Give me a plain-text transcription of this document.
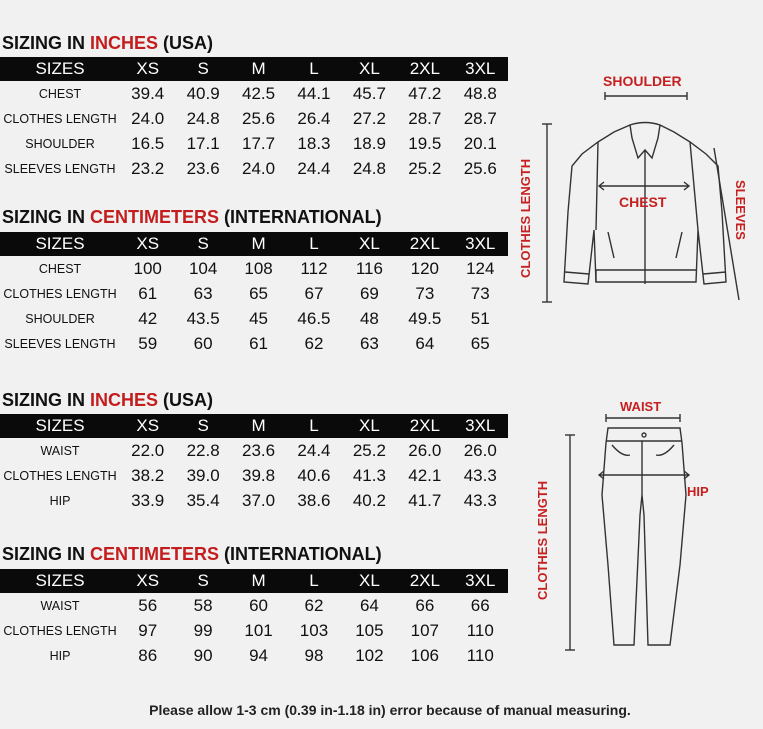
SIZING IN INCHES (USA)
SIZES	XS	S	M	L	XL	2XL	3XL
CHEST	39.4	40.9	42.5	44.1	45.7	47.2	48.8
CLOTHES LENGTH	24.0	24.8	25.6	26.4	27.2	28.7	28.7
SHOULDER	16.5	17.1	17.7	18.3	18.9	19.5	20.1
SLEEVES LENGTH	23.2	23.6	24.0	24.4	24.8	25.2	25.6
SIZING IN CENTIMETERS (INTERNATIONAL)
SIZES	XS	S	M	L	XL	2XL	3XL
CHEST	100	104	108	112	116	120	124
CLOTHES LENGTH	61	63	65	67	69	73	73
SHOULDER	42	43.5	45	46.5	48	49.5	51
SLEEVES LENGTH	59	60	61	62	63	64	65
SIZING IN INCHES (USA)
SIZES	XS	S	M	L	XL	2XL	3XL
WAIST	22.0	22.8	23.6	24.4	25.2	26.0	26.0
CLOTHES LENGTH	38.2	39.0	39.8	40.6	41.3	42.1	43.3
HIP	33.9	35.4	37.0	38.6	40.2	41.7	43.3
SIZING IN CENTIMETERS (INTERNATIONAL)
SIZES	XS	S	M	L	XL	2XL	3XL
WAIST	56	58	60	62	64	66	66
CLOTHES LENGTH	97	99	101	103	105	107	110
HIP	86	90	94	98	102	106	110
SHOULDER
CHEST
CLOTHES LENGTH	SLEEVES
WAIST
HIP
CLOTHES LENGTH
Please allow 1-3 cm (0.39 in-1.18 in) error because of manual measuring.
